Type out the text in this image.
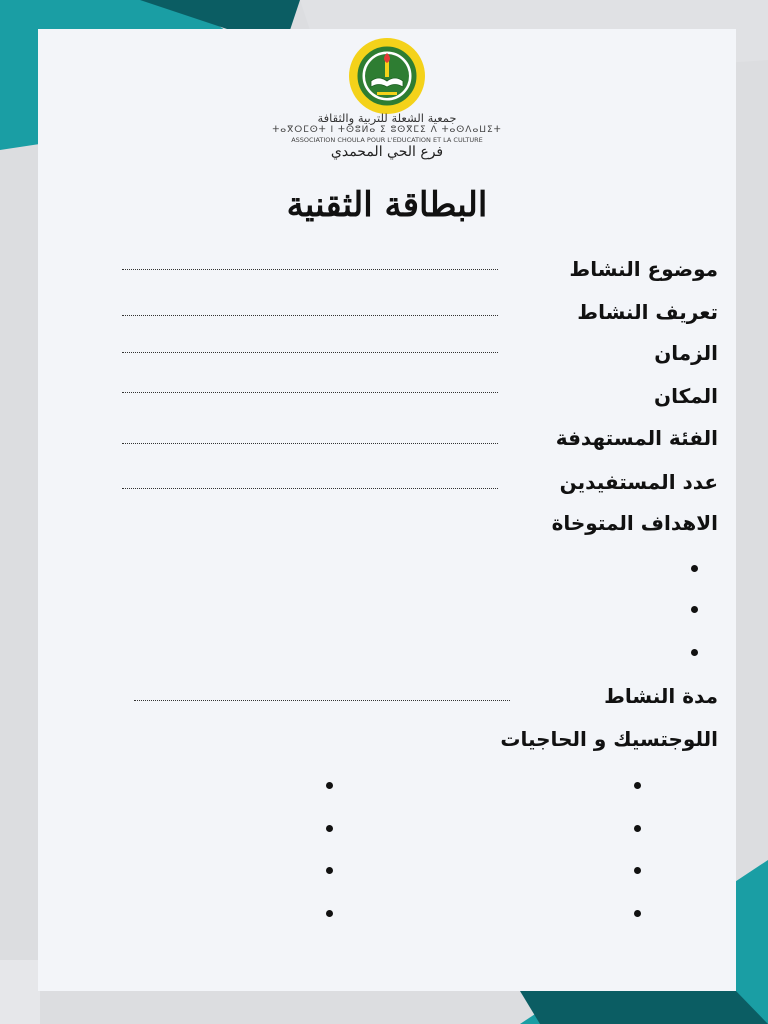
جمعية الشعلة للتربية والثقافة
ⵜⴰⴳⵔⵎⵙⵜ ⵏ ⵜⵙⵓⵍⴰ ⵉ ⵓⵙⴳⵎⵉ ⴷ ⵜⴰⵙⴷⴰⵡⵉⵜ
ASSOCIATION CHOULA POUR L'EDUCATION ET LA CULTURE
فرع الحي المحمدي
البطاقة الثقنية
موضوع النشاط
تعريف النشاط
الزمان
المكان
الفئة المستهدفة
عدد المستفيدين
الاهداف المتوخاة
مدة النشاط
اللوجتسيك و الحاجيات
